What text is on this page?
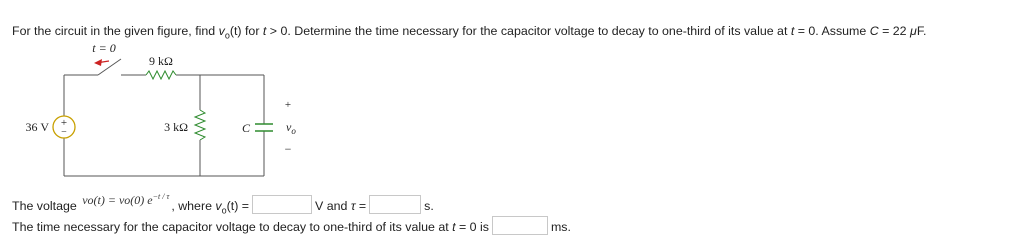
For the circuit in the given figure, find $v_o(t)$ for t > 0. Determine the time necessary for the capacitor voltage to decay to one-third of its value at t = 0. Assume C = 22 μF.
+
−
t = 0
9 kΩ
36 V	3 kΩ	C
+
$v_o$
−
The voltage vo(t) = vo(0) $e^{-t / \tau}$, where $v_o(t)$ =	V and τ =	s.
The time necessary for the capacitor voltage to decay to one-third of its value at t = 0 is	ms.
